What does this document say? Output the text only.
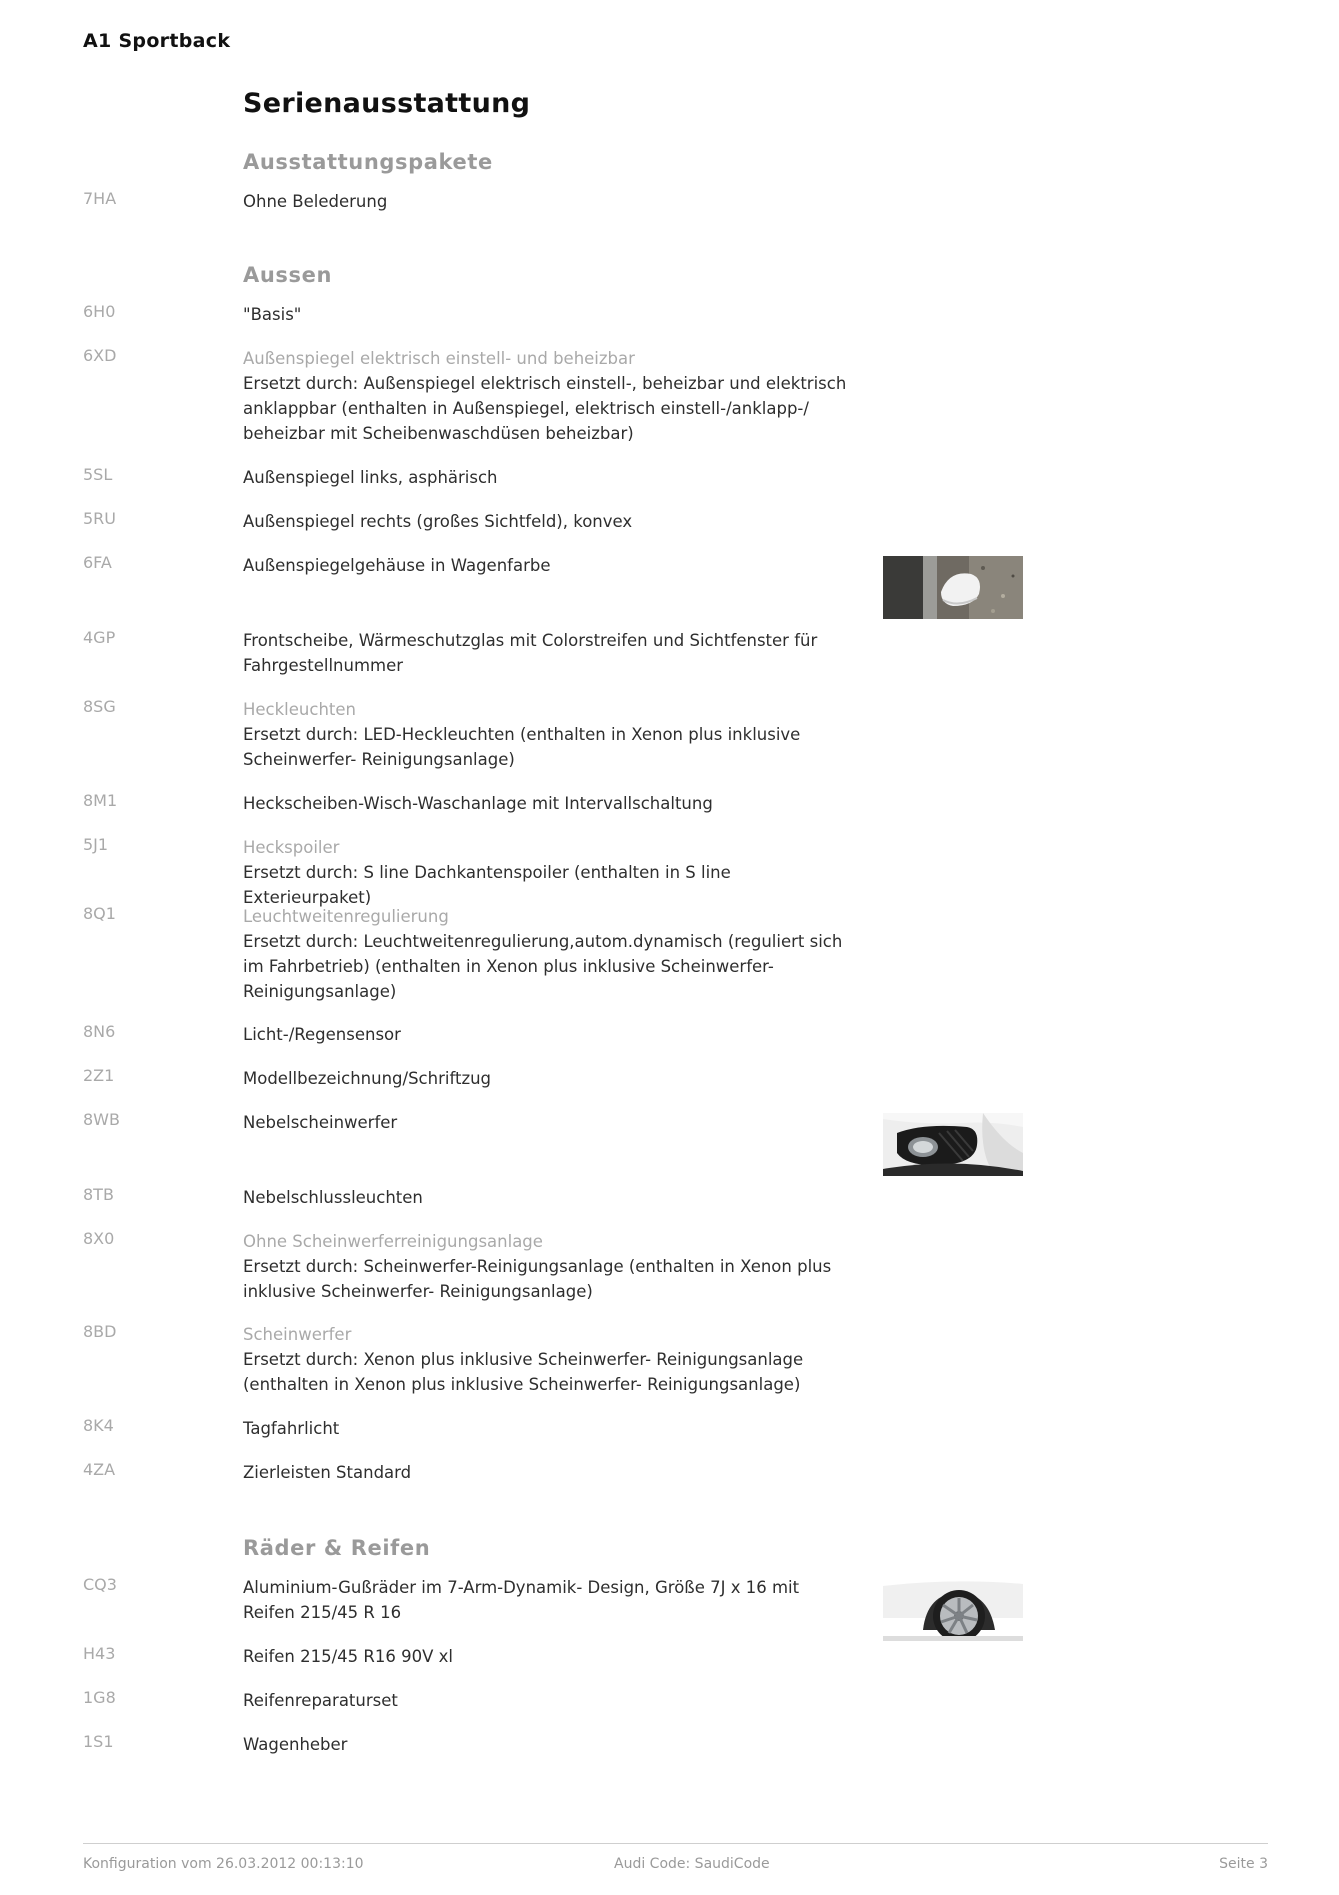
A1 Sportback
Serienausstattung
Ausstattungspakete
7HA	Ohne Belederung
Aussen
6H0	"Basis"
6XD	Außenspiegel elektrisch einstell- und beheizbar
Ersetzt durch: Außenspiegel elektrisch einstell-, beheizbar und elektrisch anklappbar (enthalten in Außenspiegel, elektrisch einstell-/anklapp-/ beheizbar mit Scheibenwaschdüsen beheizbar)
5SL	Außenspiegel links, asphärisch
5RU	Außenspiegel rechts (großes Sichtfeld), konvex
6FA	Außenspiegelgehäuse in Wagenfarbe
4GP	Frontscheibe, Wärmeschutzglas mit Colorstreifen und Sichtfenster für Fahrgestellnummer
8SG	Heckleuchten
Ersetzt durch: LED-Heckleuchten (enthalten in Xenon plus inklusive Scheinwerfer- Reinigungsanlage)
8M1	Heckscheiben-Wisch-Waschanlage mit Intervallschaltung
5J1	Heckspoiler
Ersetzt durch: S line Dachkantenspoiler (enthalten in S line Exterieurpaket)
8Q1	Leuchtweitenregulierung
Ersetzt durch: Leuchtweitenregulierung,autom.dynamisch (reguliert sich im Fahrbetrieb) (enthalten in Xenon plus inklusive Scheinwerfer- Reinigungsanlage)
8N6	Licht-/Regensensor
2Z1	Modellbezeichnung/Schriftzug
8WB	Nebelscheinwerfer
8TB	Nebelschlussleuchten
8X0	Ohne Scheinwerferreinigungsanlage
Ersetzt durch: Scheinwerfer-Reinigungsanlage (enthalten in Xenon plus inklusive Scheinwerfer- Reinigungsanlage)
8BD	Scheinwerfer
Ersetzt durch: Xenon plus inklusive Scheinwerfer- Reinigungsanlage (enthalten in Xenon plus inklusive Scheinwerfer- Reinigungsanlage)
8K4	Tagfahrlicht
4ZA	Zierleisten Standard
Räder & Reifen
CQ3	Aluminium-Gußräder im 7-Arm-Dynamik- Design, Größe 7J x 16 mit Reifen 215/45 R 16
H43	Reifen 215/45 R16 90V xl
1G8	Reifenreparaturset
1S1	Wagenheber
Konfiguration vom 26.03.2012 00:13:10	Audi Code: SaudiCode	Seite 3
